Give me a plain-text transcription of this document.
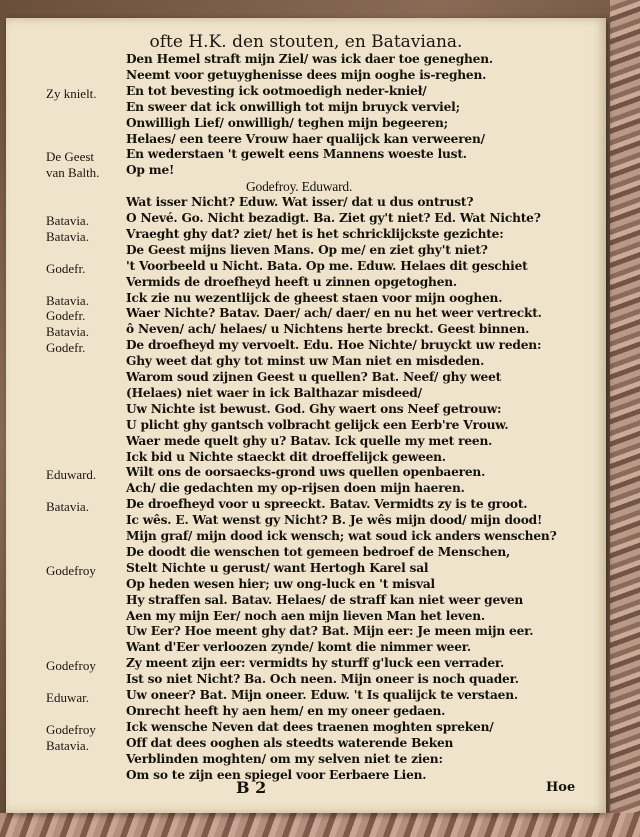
ofte H.K. den stouten, en Bataviana.
Zy knielt.
De Geest
van Balth.
Batavia.
Batavia.
Godefr.
Batavia.
Godefr.
Batavia.
Godefr.
Eduward.
Batavia.
Godefroy
Godefroy
Eduwar.
Godefroy
Batavia.
Den Hemel straft mijn Ziel/ was ick daer toe geneghen.
Neemt voor getuyghenisse dees mijn ooghe is-reghen.
En tot bevesting ick ootmoedigh neder-knieł/
En sweer dat ick onwilligh tot mijn bruyck verviel;
Onwilligh Lief/ onwilligh/ teghen mijn begeeren;
Helaes/ een teere Vrouw haer qualijck kan verweeren/
En wederstaen 't gewelt eens Mannens woeste lust.
Op me!
Godefroy. Eduward.
Wat isser Nicht? Eduw. Wat isser/ dat u dus ontrust?
O Nevé. Go. Nicht bezadigt. Ba. Ziet gy't niet? Ed. Wat Nichte?
Vraeght ghy dat? ziet/ het is het schricklijckste gezichte:
De Geest mijns lieven Mans. Op me/ en ziet ghy't niet?
't Voorbeeld u Nicht. Bata. Op me. Eduw. Helaes dit geschiet
Vermids de droefheyd heeft u zinnen opgetoghen.
Ick zie nu wezentlijck de gheest staen voor mijn ooghen.
Waer Nichte? Batav. Daer/ ach/ daer/ en nu het weer vertreckt.
ô Neven/ ach/ helaes/ u Nichtens herte breckt. Geest binnen.
De droefheyd my vervoelt. Edu. Hoe Nichte/ bruyckt uw reden:
Ghy weet dat ghy tot minst uw Man niet en misdeden.
Warom soud zijnen Geest u quellen? Bat. Neef/ ghy weet
(Helaes) niet waer in ick Balthazar misdeed/
Uw Nichte ist bewust. God. Ghy waert ons Neef getrouw:
U plicht ghy gantsch volbracht gelijck een Eerb're Vrouw.
Waer mede quelt ghy u? Batav. Ick quelle my met reen.
Ick bid u Nichte staeckt dit droeffelijck geween.
Wilt ons de oorsaecks-grond uws quellen openbaeren.
Ach/ die gedachten my op-rijsen doen mijn haeren.
De droefheyd voor u spreeckt. Batav. Vermidts zy is te groot.
Ic wês. E. Wat wenst gy Nicht? B. Je wês mijn dood/ mijn dood!
Mijn graf/ mijn dood ick wensch; wat soud ick anders wenschen?
De doodt die wenschen tot gemeen bedroef de Menschen,
Stelt Nichte u gerust/ want Hertogh Karel sal
Op heden wesen hier; uw ong-luck en 't misval
Hy straffen sal. Batav. Helaes/ de straff kan niet weer geven
Aen my mijn Eer/ noch aen mijn lieven Man het leven.
Uw Eer? Hoe meent ghy dat? Bat. Mijn eer: Je meen mijn eer.
Want d'Eer verloozen zynde/ komt die nimmer weer.
Zy meent zijn eer: vermidts hy sturff g'luck een verrader.
Ist so niet Nicht? Ba. Och neen. Mijn oneer is noch quader.
Uw oneer? Bat. Mijn oneer. Eduw. 't Is qualijck te verstaen.
Onrecht heeft hy aen hem/ en my oneer gedaen.
Ick wensche Neven dat dees traenen moghten spreken/
Off dat dees ooghen als steedts waterende Beken
Verblinden moghten/ om my selven niet te zien:
Om so te zijn een spiegel voor Eerbaere Lien.
B 2	Hoe
